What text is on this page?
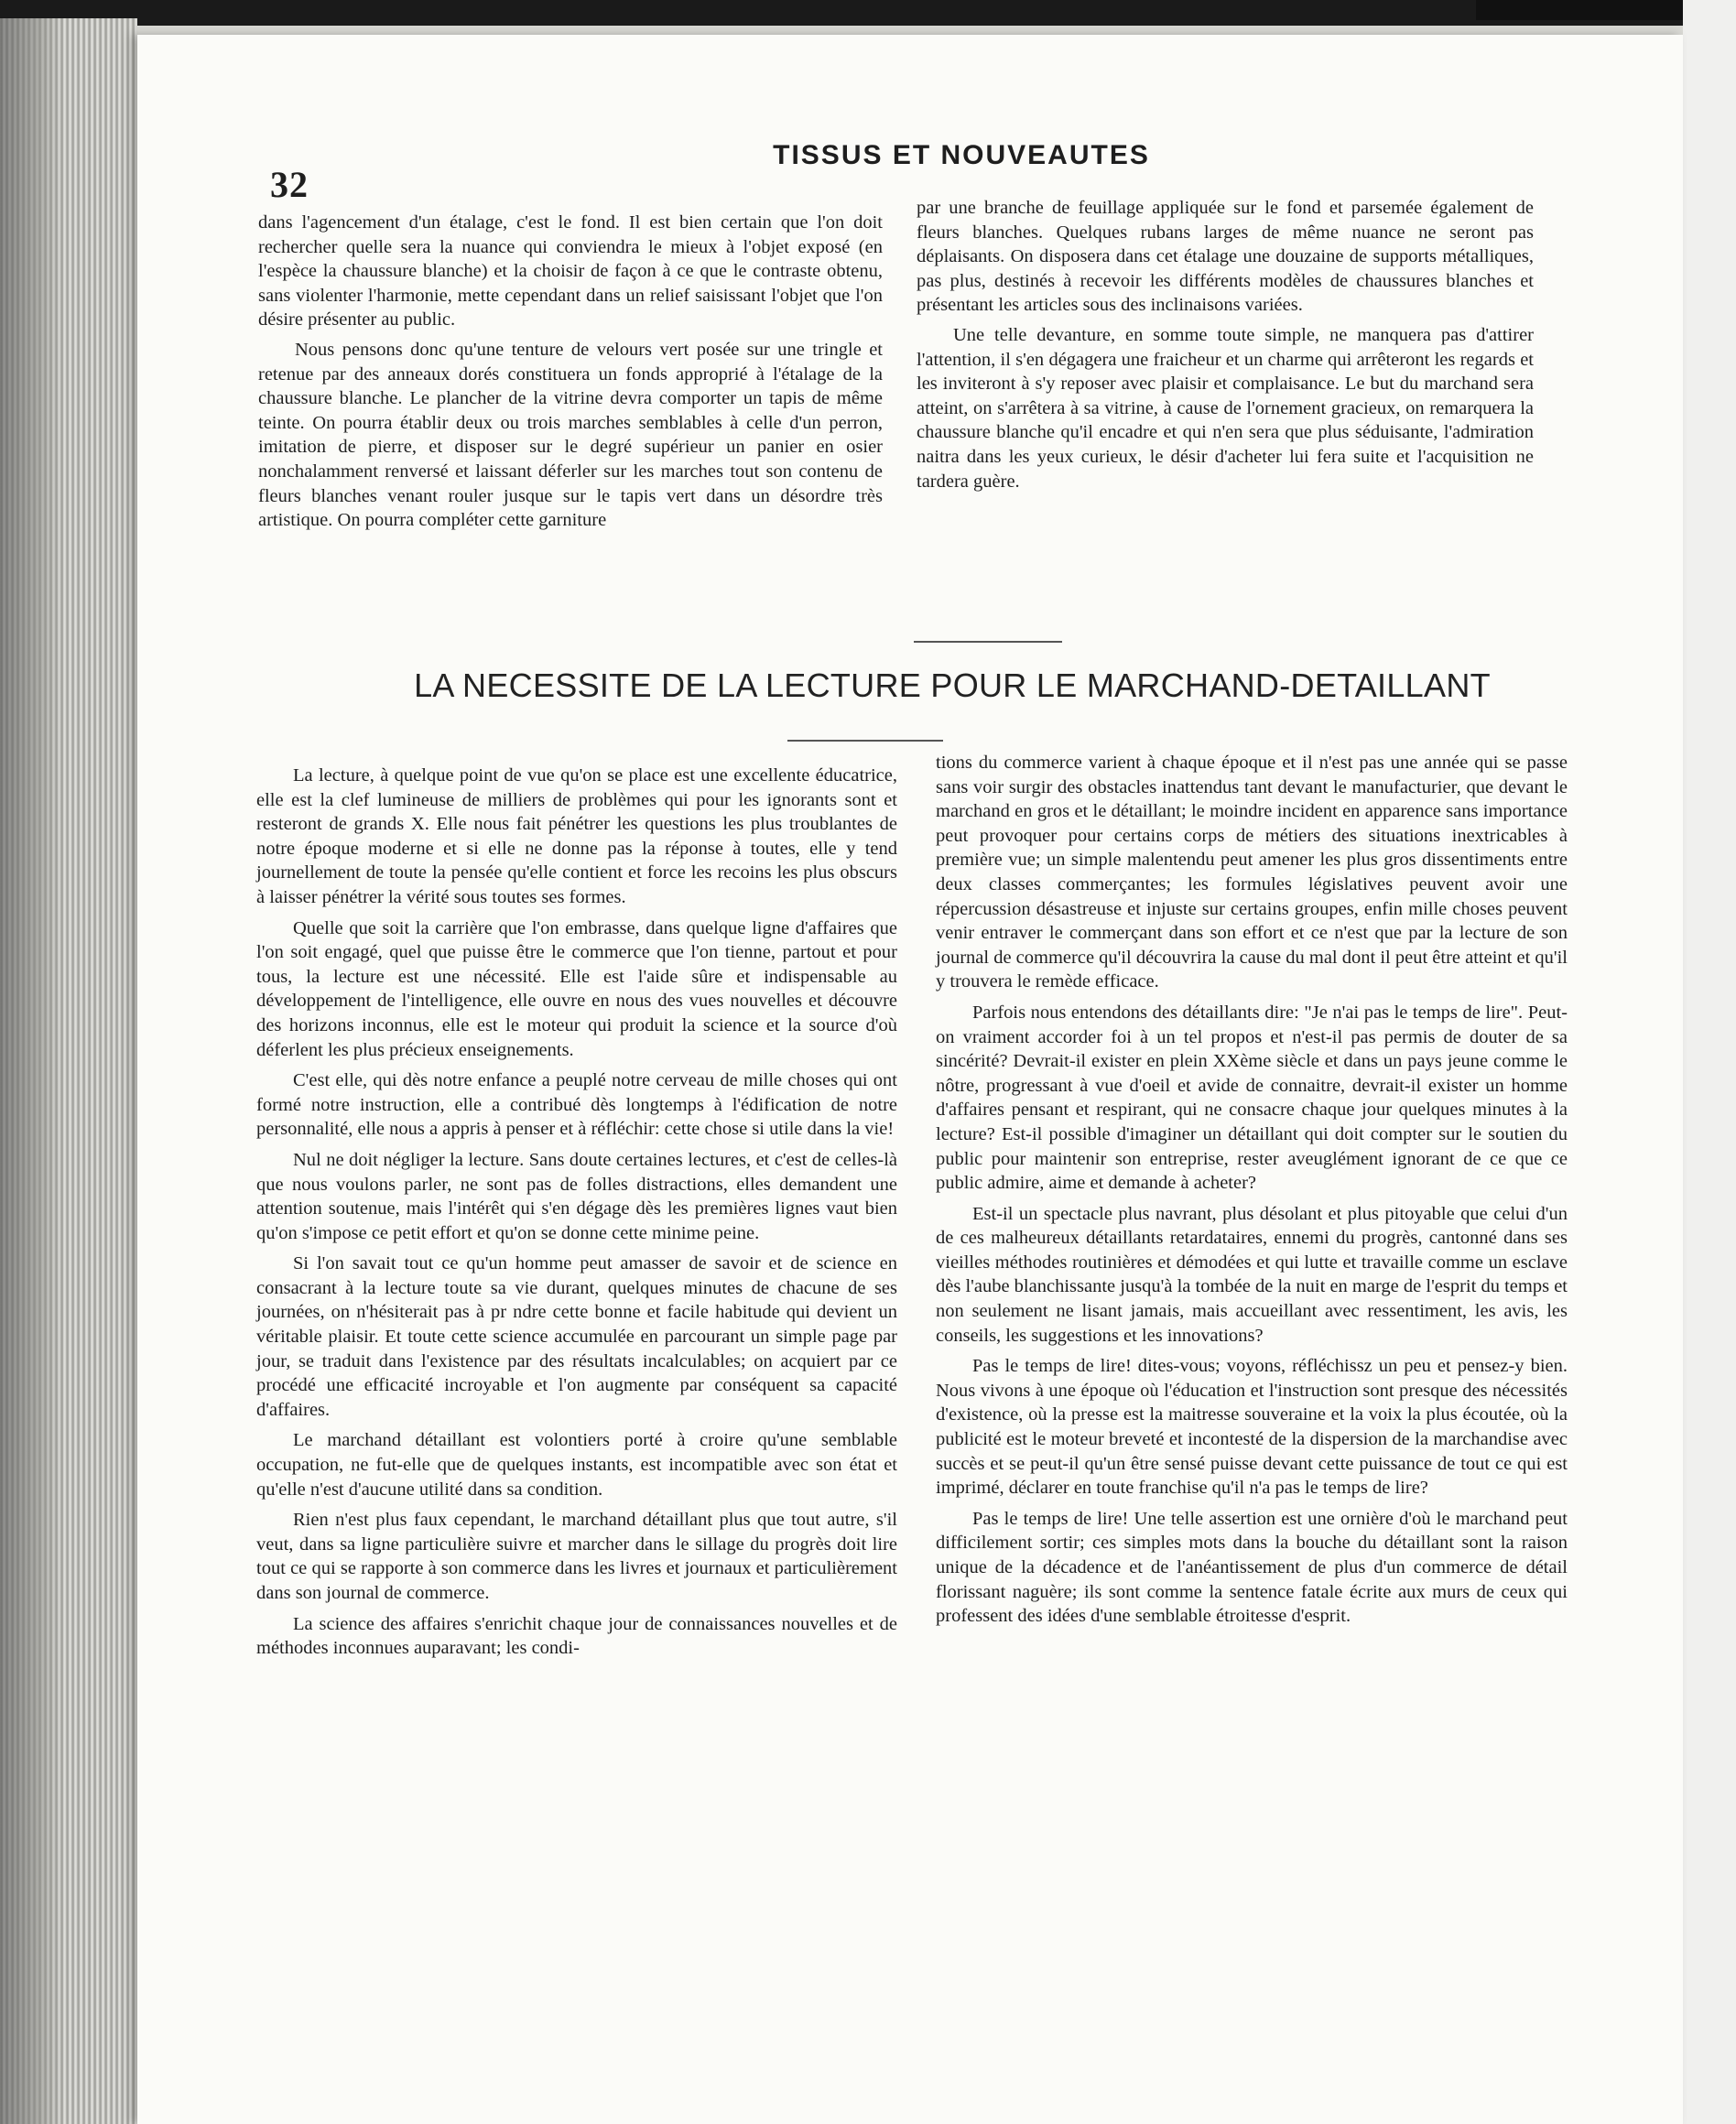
32
TISSUS ET NOUVEAUTES

dans l'agencement d'un étalage, c'est le fond. Il est bien certain que l'on doit rechercher quelle sera la nuance qui conviendra le mieux à l'objet exposé (en l'espèce la chaussure blanche) et la choisir de façon à ce que le contraste obtenu, sans violenter l'harmonie, mette cependant dans un relief saisissant l'objet que l'on désire présenter au public.

Nous pensons donc qu'une tenture de velours vert posée sur une tringle et retenue par des anneaux dorés constituera un fonds approprié à l'étalage de la chaussure blanche. Le plancher de la vitrine devra comporter un tapis de même teinte. On pourra établir deux ou trois marches semblables à celle d'un perron, imitation de pierre, et disposer sur le degré supérieur un panier en osier nonchalamment renversé et laissant déferler sur les marches tout son contenu de fleurs blanches venant rouler jusque sur le tapis vert dans un désordre très artistique. On pourra compléter cette garniture

par une branche de feuillage appliquée sur le fond et parsemée également de fleurs blanches. Quelques rubans larges de même nuance ne seront pas déplaisants. On disposera dans cet étalage une douzaine de supports métalliques, pas plus, destinés à recevoir les différents modèles de chaussures blanches et présentant les articles sous des inclinaisons variées.

Une telle devanture, en somme toute simple, ne manquera pas d'attirer l'attention, il s'en dégagera une fraicheur et un charme qui arrêteront les regards et les inviteront à s'y reposer avec plaisir et complaisance. Le but du marchand sera atteint, on s'arrêtera à sa vitrine, à cause de l'ornement gracieux, on remarquera la chaussure blanche qu'il encadre et qui n'en sera que plus séduisante, l'admiration naitra dans les yeux curieux, le désir d'acheter lui fera suite et l'acquisition ne tardera guère.

LA NECESSITE DE LA LECTURE POUR LE MARCHAND-DETAILLANT

La lecture, à quelque point de vue qu'on se place est une excellente éducatrice, elle est la clef lumineuse de milliers de problèmes qui pour les ignorants sont et resteront de grands X. Elle nous fait pénétrer les questions les plus troublantes de notre époque moderne et si elle ne donne pas la réponse à toutes, elle y tend journellement de toute la pensée qu'elle contient et force les recoins les plus obscurs à laisser pénétrer la vérité sous toutes ses formes.

Quelle que soit la carrière que l'on embrasse, dans quelque ligne d'affaires que l'on soit engagé, quel que puisse être le commerce que l'on tienne, partout et pour tous, la lecture est une nécessité. Elle est l'aide sûre et indispensable au développement de l'intelligence, elle ouvre en nous des vues nouvelles et découvre des horizons inconnus, elle est le moteur qui produit la science et la source d'où déferlent les plus précieux enseignements.

C'est elle, qui dès notre enfance a peuplé notre cerveau de mille choses qui ont formé notre instruction, elle a contribué dès longtemps à l'édification de notre personnalité, elle nous a appris à penser et à réfléchir: cette chose si utile dans la vie!

Nul ne doit négliger la lecture. Sans doute certaines lectures, et c'est de celles-là que nous voulons parler, ne sont pas de folles distractions, elles demandent une attention soutenue, mais l'intérêt qui s'en dégage dès les premières lignes vaut bien qu'on s'impose ce petit effort et qu'on se donne cette minime peine.

Si l'on savait tout ce qu'un homme peut amasser de savoir et de science en consacrant à la lecture toute sa vie durant, quelques minutes de chacune de ses journées, on n'hésiterait pas à pr ndre cette bonne et facile habitude qui devient un véritable plaisir. Et toute cette science accumulée en parcourant un simple page par jour, se traduit dans l'existence par des résultats incalculables; on acquiert par ce procédé une efficacité incroyable et l'on augmente par conséquent sa capacité d'affaires.

Le marchand détaillant est volontiers porté à croire qu'une semblable occupation, ne fut-elle que de quelques instants, est incompatible avec son état et qu'elle n'est d'aucune utilité dans sa condition.

Rien n'est plus faux cependant, le marchand détaillant plus que tout autre, s'il veut, dans sa ligne particulière suivre et marcher dans le sillage du progrès doit lire tout ce qui se rapporte à son commerce dans les livres et journaux et particulièrement dans son journal de commerce.

La science des affaires s'enrichit chaque jour de connaissances nouvelles et de méthodes inconnues auparavant; les condi-

tions du commerce varient à chaque époque et il n'est pas une année qui se passe sans voir surgir des obstacles inattendus tant devant le manufacturier, que devant le marchand en gros et le détaillant; le moindre incident en apparence sans importance peut provoquer pour certains corps de métiers des situations inextricables à première vue; un simple malentendu peut amener les plus gros dissentiments entre deux classes commerçantes; les formules législatives peuvent avoir une répercussion désastreuse et injuste sur certains groupes, enfin mille choses peuvent venir entraver le commerçant dans son effort et ce n'est que par la lecture de son journal de commerce qu'il découvrira la cause du mal dont il peut être atteint et qu'il y trouvera le remède efficace.

Parfois nous entendons des détaillants dire: "Je n'ai pas le temps de lire". Peut-on vraiment accorder foi à un tel propos et n'est-il pas permis de douter de sa sincérité? Devrait-il exister en plein XXème siècle et dans un pays jeune comme le nôtre, progressant à vue d'oeil et avide de connaitre, devrait-il exister un homme d'affaires pensant et respirant, qui ne consacre chaque jour quelques minutes à la lecture? Est-il possible d'imaginer un détaillant qui doit compter sur le soutien du public pour maintenir son entreprise, rester aveuglément ignorant de ce que ce public admire, aime et demande à acheter?

Est-il un spectacle plus navrant, plus désolant et plus pitoyable que celui d'un de ces malheureux détaillants retardataires, ennemi du progrès, cantonné dans ses vieilles méthodes routinières et démodées et qui lutte et travaille comme un esclave dès l'aube blanchissante jusqu'à la tombée de la nuit en marge de l'esprit du temps et non seulement ne lisant jamais, mais accueillant avec ressentiment, les avis, les conseils, les suggestions et les innovations?

Pas le temps de lire! dites-vous; voyons, réfléchissz un peu et pensez-y bien. Nous vivons à une époque où l'éducation et l'instruction sont presque des nécessités d'existence, où la presse est la maitresse souveraine et la voix la plus écoutée, où la publicité est le moteur breveté et incontesté de la dispersion de la marchandise avec succès et se peut-il qu'un être sensé puisse devant cette puissance de tout ce qui est imprimé, déclarer en toute franchise qu'il n'a pas le temps de lire?

Pas le temps de lire! Une telle assertion est une ornière d'où le marchand peut difficilement sortir; ces simples mots dans la bouche du détaillant sont la raison unique de la décadence et de l'anéantissement de plus d'un commerce de détail florissant naguère; ils sont comme la sentence fatale écrite aux murs de ceux qui professent des idées d'une semblable étroitesse d'esprit.
